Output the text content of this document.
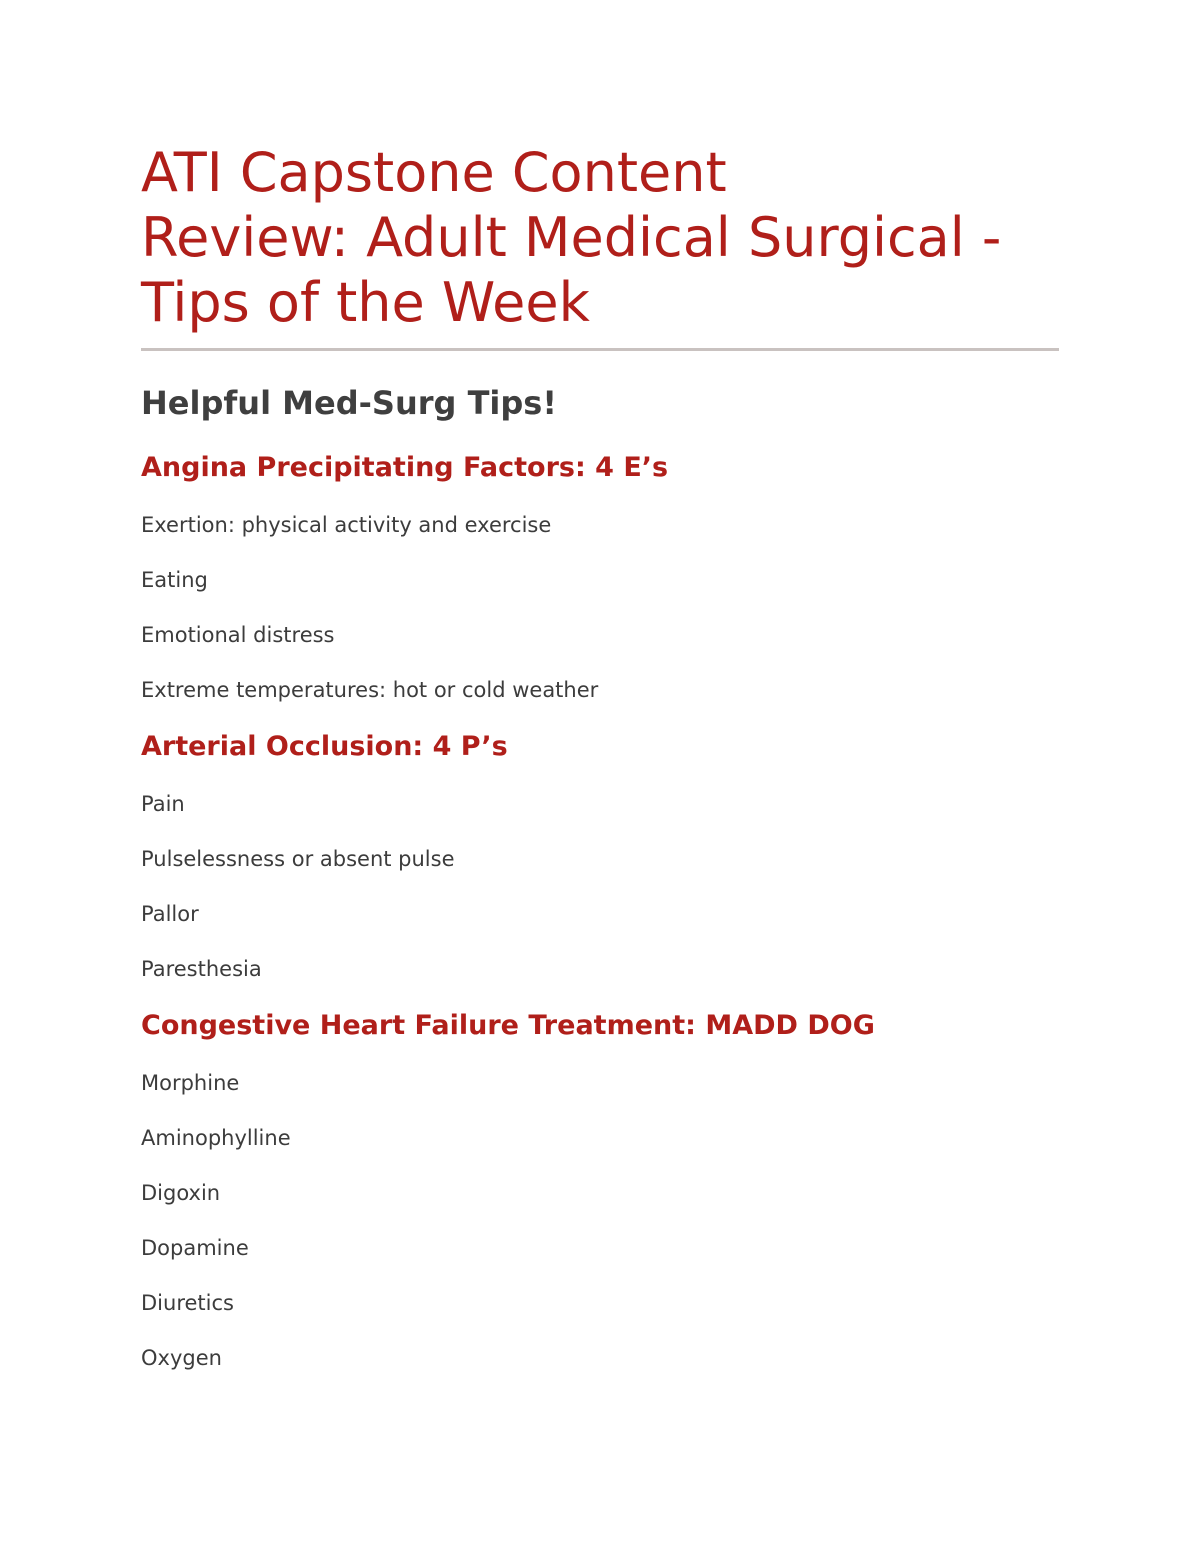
ATI Capstone Content
Review: Adult Medical Surgical -
Tips of the Week
Helpful Med-Surg Tips!
Angina Precipitating Factors: 4 E’s
Exertion: physical activity and exercise
Eating
Emotional distress
Extreme temperatures: hot or cold weather
Arterial Occlusion: 4 P’s
Pain
Pulselessness or absent pulse
Pallor
Paresthesia
Congestive Heart Failure Treatment: MADD DOG
Morphine
Aminophylline
Digoxin
Dopamine
Diuretics
Oxygen
